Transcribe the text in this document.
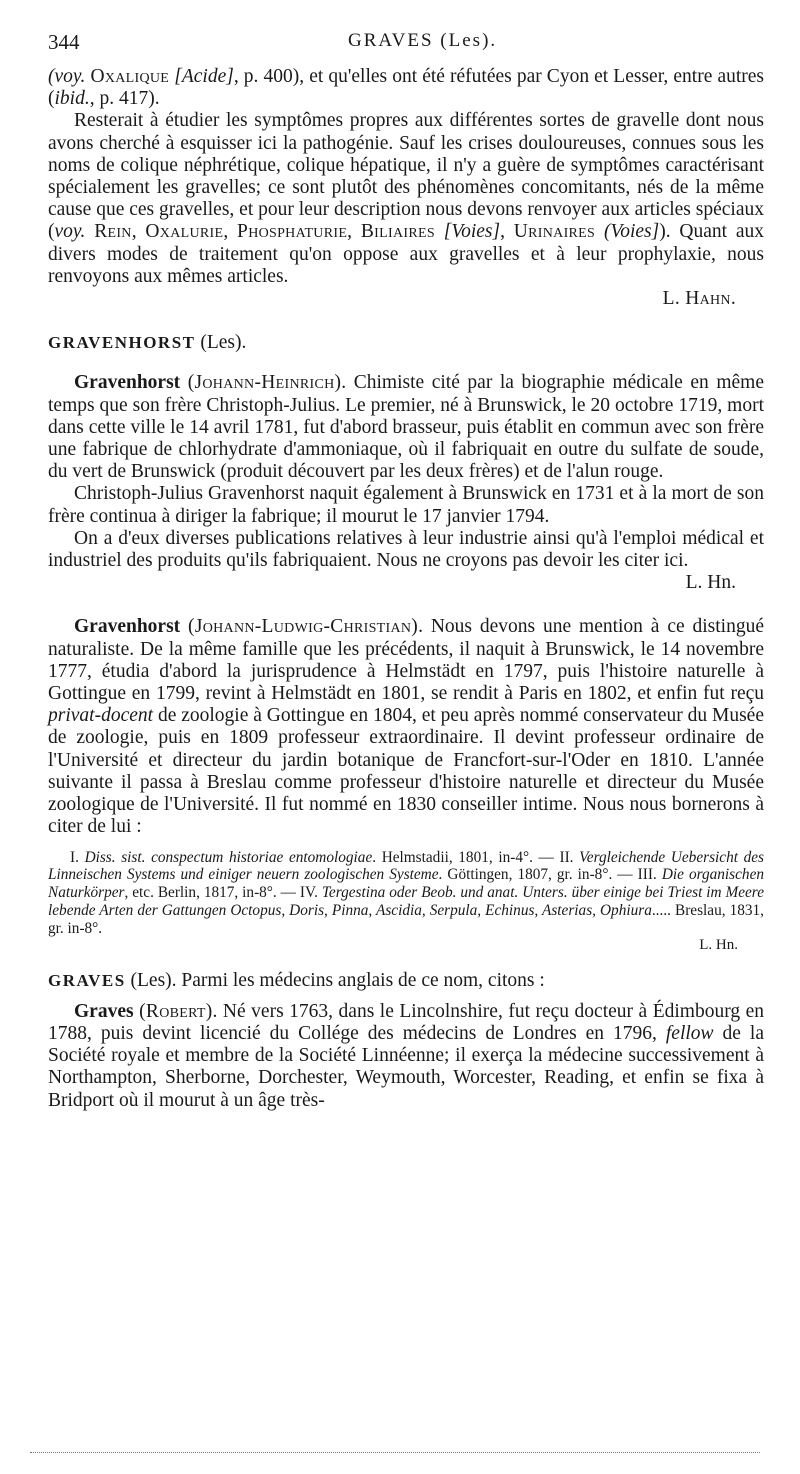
344	GRAVES (Les).

(voy. Oxalique [Acide], p. 400), et qu'elles ont été réfutées par Cyon et Lesser, entre autres (ibid., p. 417).

Resterait à étudier les symptômes propres aux différentes sortes de gravelle dont nous avons cherché à esquisser ici la pathogénie. Sauf les crises douloureuses, connues sous les noms de colique néphrétique, colique hépatique, il n'y a guère de symptômes caractérisant spécialement les gravelles; ce sont plutôt des phénomènes concomitants, nés de la même cause que ces gravelles, et pour leur description nous devons renvoyer aux articles spéciaux (voy. Rein, Oxalurie, Phosphaturie, Biliaires [Voies], Urinaires (Voies]). Quant aux divers modes de traitement qu'on oppose aux gravelles et à leur prophylaxie, nous renvoyons aux mêmes articles.

L. Hahn.

GRAVENHORST (Les).

Gravenhorst (Johann-Heinrich). Chimiste cité par la biographie médicale en même temps que son frère Christoph-Julius. Le premier, né à Brunswick, le 20 octobre 1719, mort dans cette ville le 14 avril 1781, fut d'abord brasseur, puis établit en commun avec son frère une fabrique de chlorhydrate d'ammoniaque, où il fabriquait en outre du sulfate de soude, du vert de Brunswick (produit découvert par les deux frères) et de l'alun rouge.

Christoph-Julius Gravenhorst naquit également à Brunswick en 1731 et à la mort de son frère continua à diriger la fabrique; il mourut le 17 janvier 1794.

On a d'eux diverses publications relatives à leur industrie ainsi qu'à l'emploi médical et industriel des produits qu'ils fabriquaient. Nous ne croyons pas devoir les citer ici.

L. Hn.

Gravenhorst (Johann-Ludwig-Christian). Nous devons une mention à ce distingué naturaliste. De la même famille que les précédents, il naquit à Brunswick, le 14 novembre 1777, étudia d'abord la jurisprudence à Helmstädt en 1797, puis l'histoire naturelle à Gottingue en 1799, revint à Helmstädt en 1801, se rendit à Paris en 1802, et enfin fut reçu privat-docent de zoologie à Gottingue en 1804, et peu après nommé conservateur du Musée de zoologie, puis en 1809 professeur extraordinaire. Il devint professeur ordinaire de l'Université et directeur du jardin botanique de Francfort-sur-l'Oder en 1810. L'année suivante il passa à Breslau comme professeur d'histoire naturelle et directeur du Musée zoologique de l'Université. Il fut nommé en 1830 conseiller intime. Nous nous bornerons à citer de lui :

I. Diss. sist. conspectum historiae entomologiae. Helmstadii, 1801, in-4°. — II. Vergleichende Uebersicht des Linneischen Systems und einiger neuern zoologischen Systeme. Göttingen, 1807, gr. in-8°. — III. Die organischen Naturkörper, etc. Berlin, 1817, in-8°. — IV. Tergestina oder Beob. und anat. Unters. über einige bei Triest im Meere lebende Arten der Gattungen Octopus, Doris, Pinna, Ascidia, Serpula, Echinus, Asterias, Ophiura..... Breslau, 1831, gr. in-8°.

L. Hn.

GRAVES (Les). Parmi les médecins anglais de ce nom, citons :

Graves (Robert). Né vers 1763, dans le Lincolnshire, fut reçu docteur à Édimbourg en 1788, puis devint licencié du Collége des médecins de Londres en 1796, fellow de la Société royale et membre de la Société Linnéenne; il exerça la médecine successivement à Northampton, Sherborne, Dorchester, Weymouth, Worcester, Reading, et enfin se fixa à Bridport où il mourut à un âge très-
